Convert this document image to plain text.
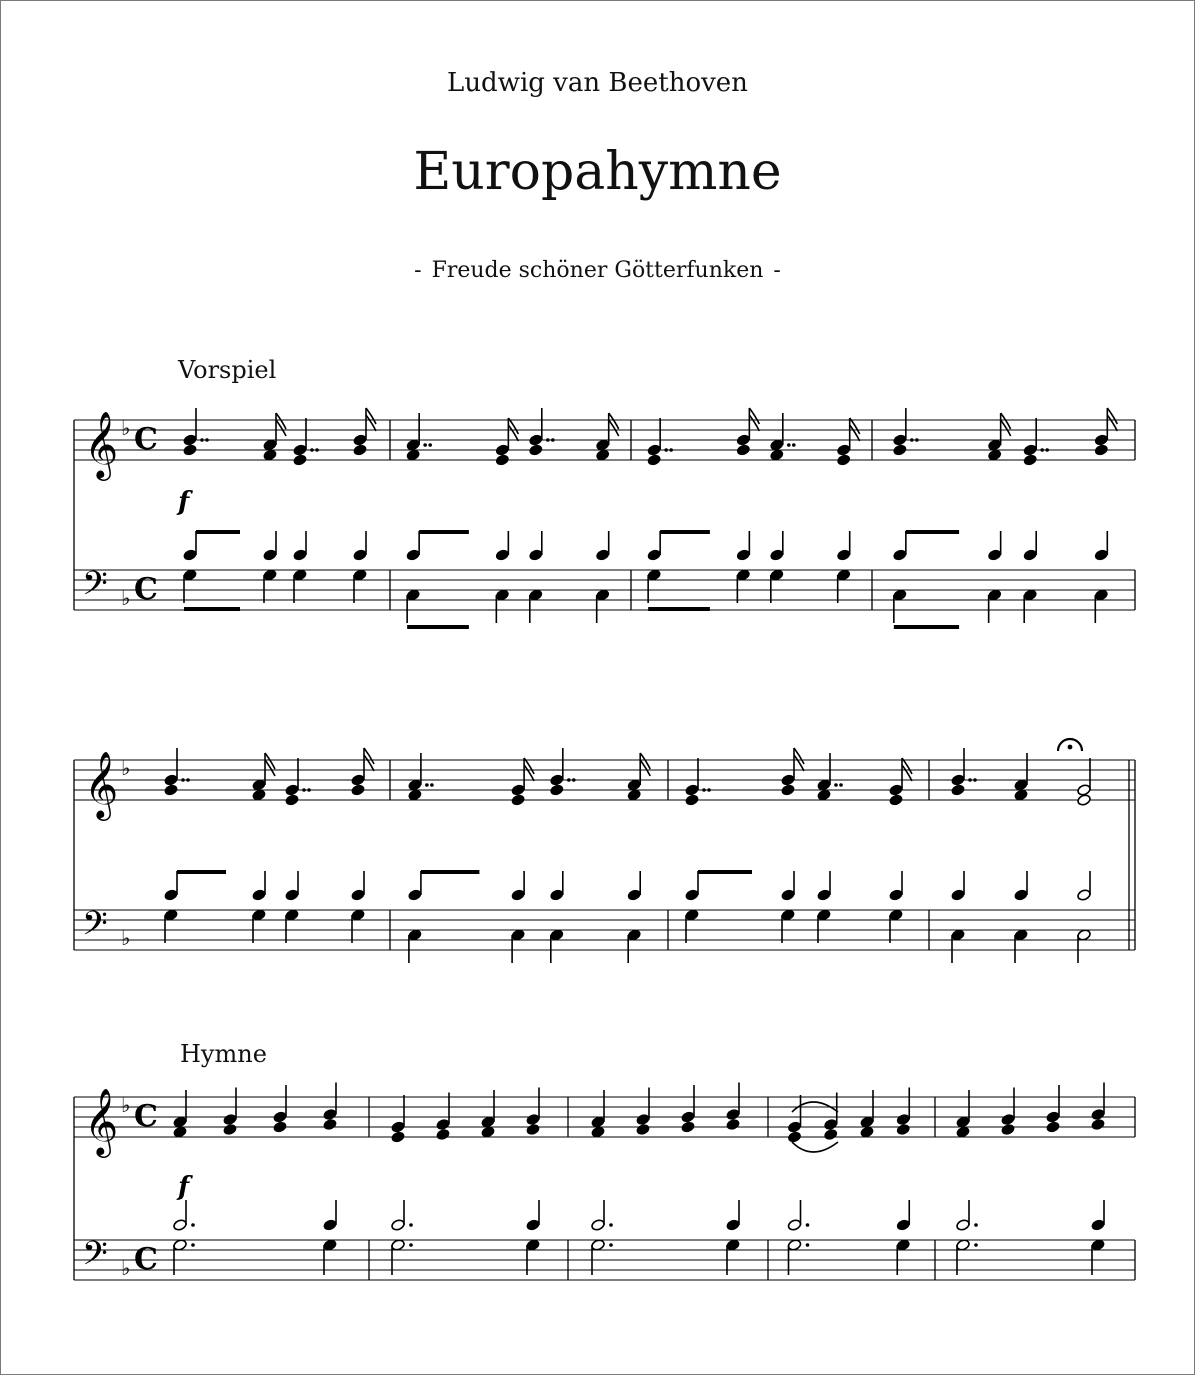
Ludwig van Beethoven
Europahymne
- Freude schöner Götterfunken -
Vorspiel
Hymne
𝄞
𝄢
♭
♭
C
C
f
𝄞
𝄢
♭
♭
𝄞
𝄢
♭
♭
C
C
f
